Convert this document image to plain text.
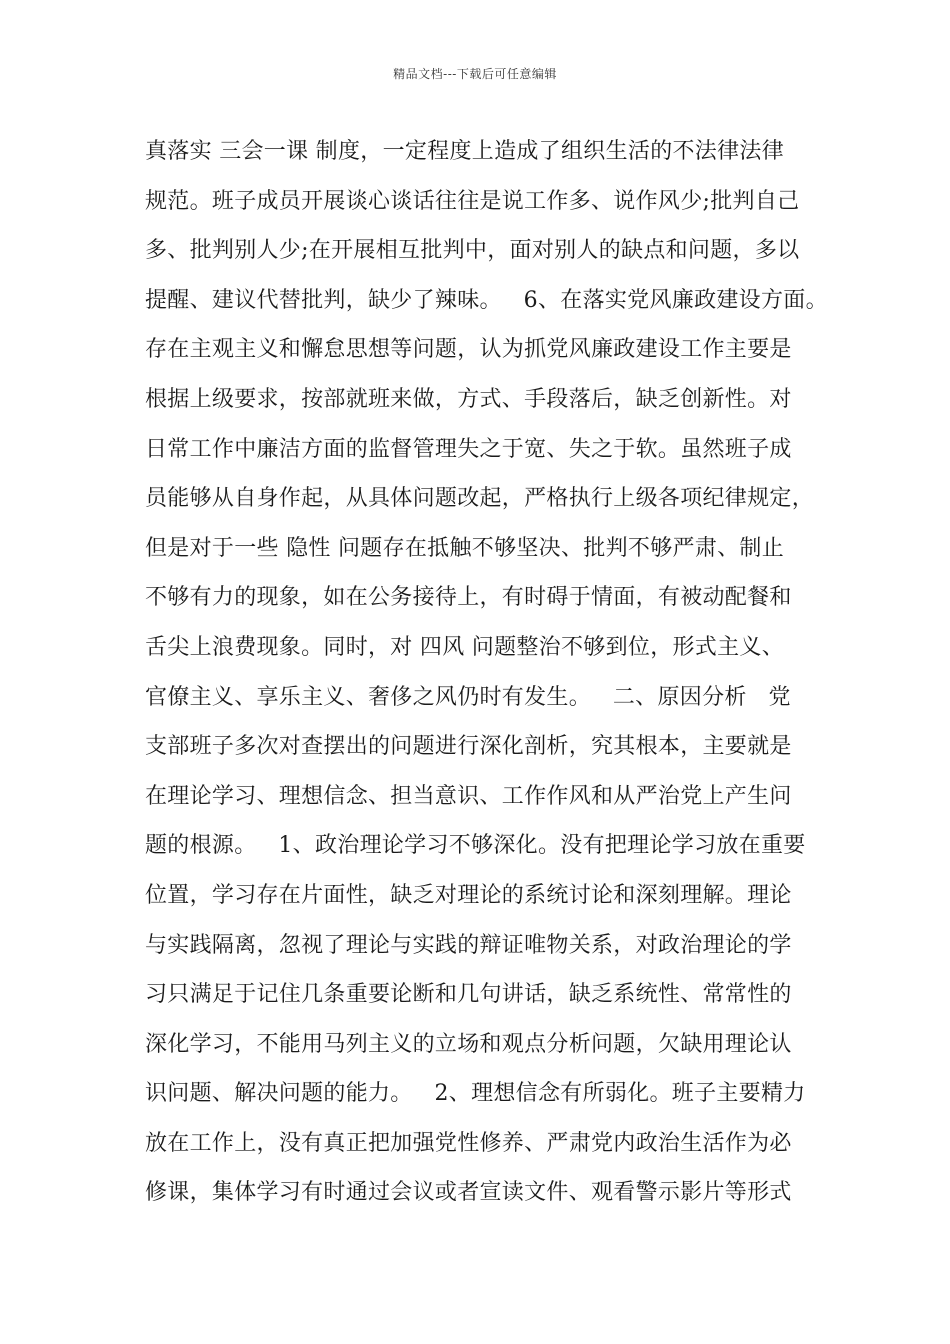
精品文档---下载后可任意编辑
真落实 三会一课 制度，一定程度上造成了组织生活的不法律法律
规范。班子成员开展谈心谈话往往是说工作多、说作风少;批判自己
多、批判别人少;在开展相互批判中，面对别人的缺点和问题，多以
提醒、建议代替批判，缺少了辣味。   6、在落实党风廉政建设方面。
存在主观主义和懈怠思想等问题，认为抓党风廉政建设工作主要是
根据上级要求，按部就班来做，方式、手段落后，缺乏创新性。对
日常工作中廉洁方面的监督管理失之于宽、失之于软。虽然班子成
员能够从自身作起，从具体问题改起，严格执行上级各项纪律规定，
但是对于一些 隐性 问题存在抵触不够坚决、批判不够严肃、制止
不够有力的现象，如在公务接待上，有时碍于情面，有被动配餐和
舌尖上浪费现象。同时，对 四风 问题整治不够到位，形式主义、
官僚主义、享乐主义、奢侈之风仍时有发生。   二、原因分析   党
支部班子多次对查摆出的问题进行深化剖析，究其根本，主要就是
在理论学习、理想信念、担当意识、工作作风和从严治党上产生问
题的根源。   1、政治理论学习不够深化。没有把理论学习放在重要
位置，学习存在片面性，缺乏对理论的系统讨论和深刻理解。理论
与实践隔离，忽视了理论与实践的辩证唯物关系，对政治理论的学
习只满足于记住几条重要论断和几句讲话，缺乏系统性、常常性的
深化学习，不能用马列主义的立场和观点分析问题，欠缺用理论认
识问题、解决问题的能力。   2、理想信念有所弱化。班子主要精力
放在工作上，没有真正把加强党性修养、严肃党内政治生活作为必
修课，集体学习有时通过会议或者宣读文件、观看警示影片等形式
